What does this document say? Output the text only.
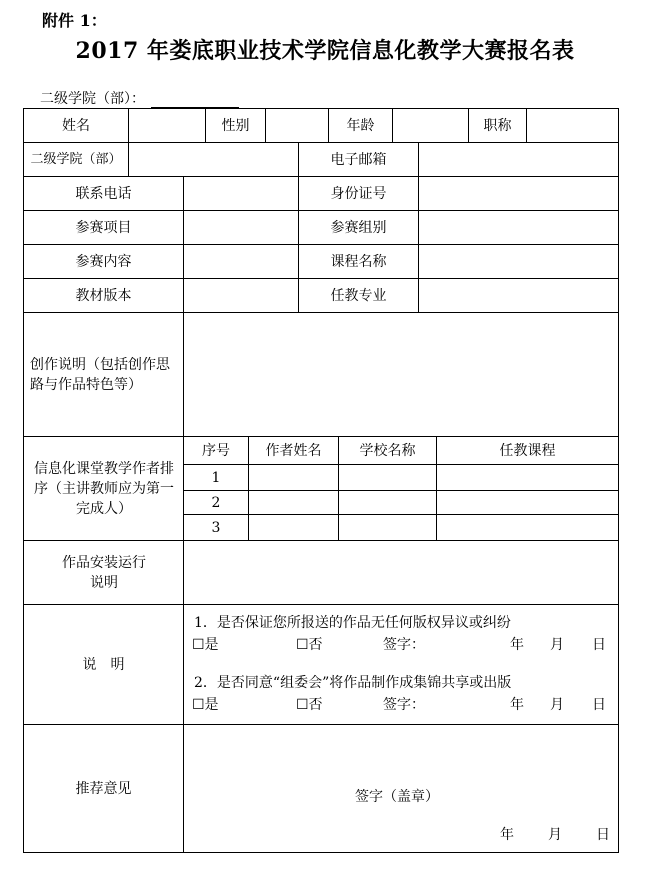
附件 1：
2017 年娄底职业技术学院信息化教学大赛报名表
二级学院（部）：
姓名	性别	年龄	职称
二级学院（部）	电子邮箱
联系电话	身份证号
参赛项目	参赛组别
参赛内容	课程名称
教材版本	任教专业
创作说明（包括创作思路与作品特色等）
信息化课堂教学作者排序（主讲教师应为第一完成人）
序号	作者姓名	学校名称	任教课程
1
2
3
作品安装运行说明
说　明
1．是否保证您所报送的作品无任何版权异议或纠纷
☐是	☐否	签字：	年 月 日
2．是否同意“组委会”将作品制作成集锦共享或出版
☐是	☐否	签字：	年 月 日
推荐意见
签字（盖章）
年 月 日
